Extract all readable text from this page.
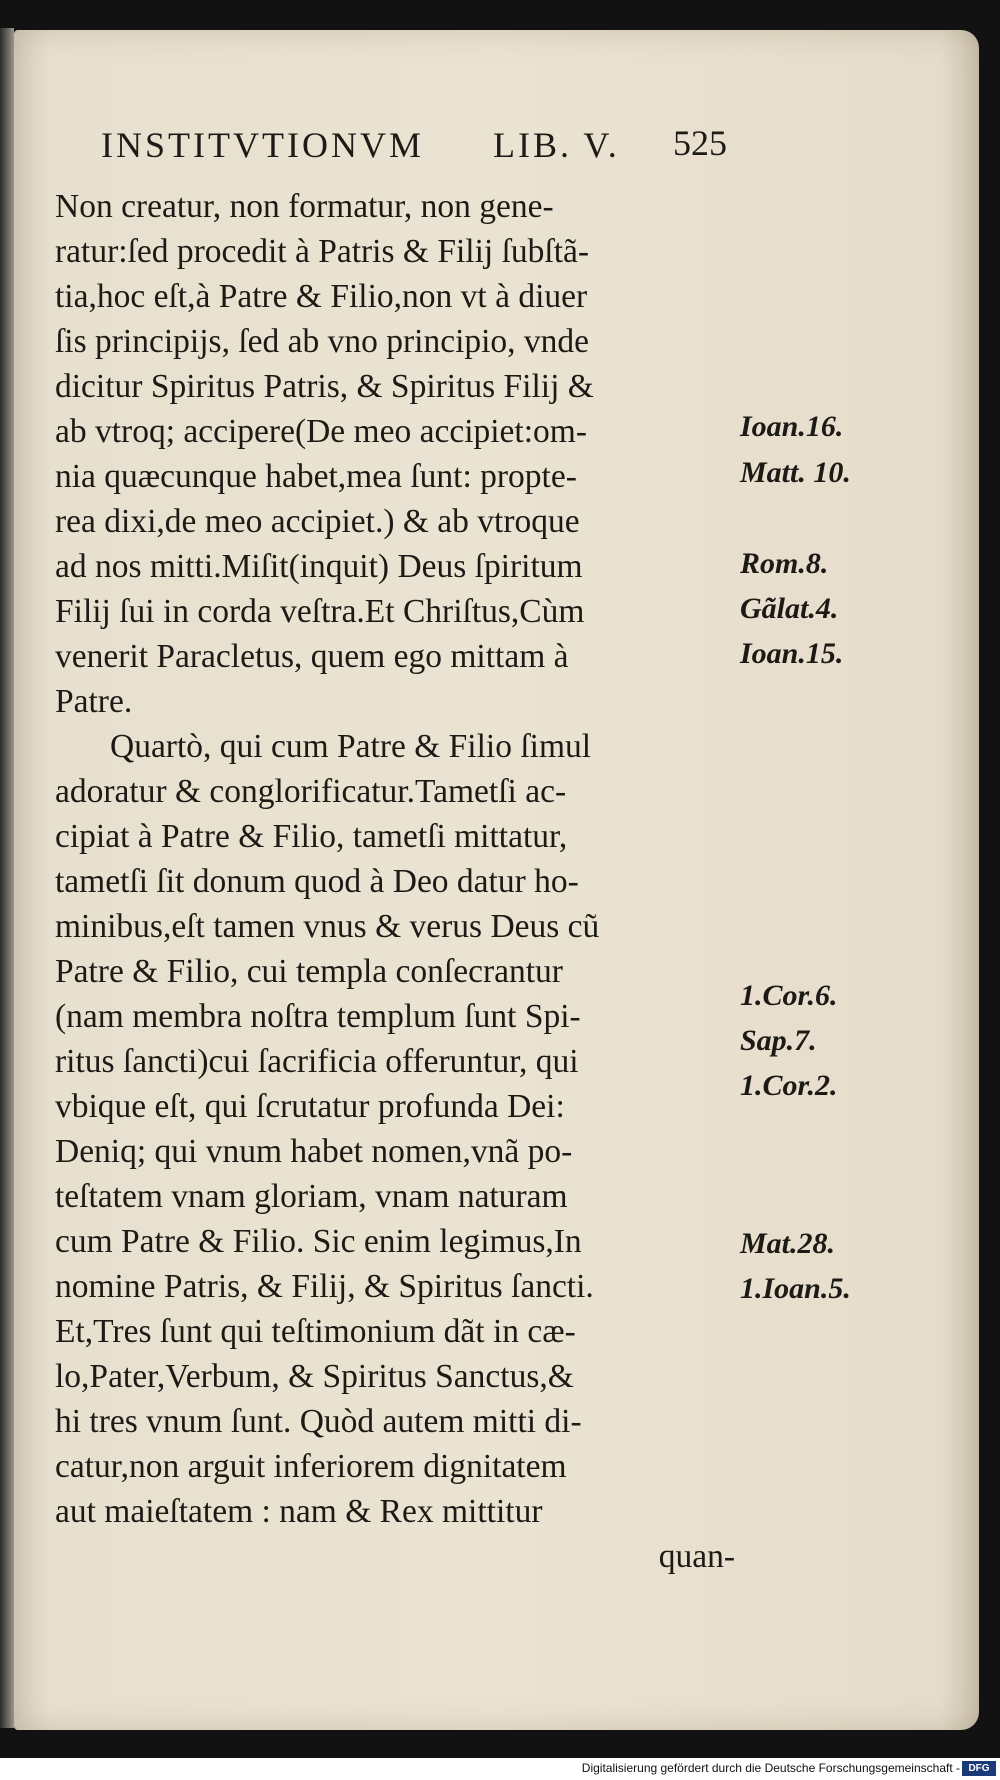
INSTITVTIONVM LIB. V. 525
Non creatur, non formatur, non gene-
ratur:ſed procedit à Patris & Filij ſubſtã-
tia,hoc eſt,à Patre & Filio,non vt à diuer
ſis principijs, ſed ab vno principio, vnde
dicitur Spiritus Patris, & Spiritus Filij &
ab vtroq; accipere(De meo accipiet:om-
nia quæcunque habet,mea ſunt: propte-
rea dixi,de meo accipiet.) & ab vtroque
ad nos mitti.Miſit(inquit) Deus ſpiritum
Filij ſui in corda veſtra.Et Chriſtus,Cùm
venerit Paracletus, quem ego mittam à
Patre.
Quartò, qui cum Patre & Filio ſimul
adoratur & conglorificatur.Tametſi ac-
cipiat à Patre & Filio, tametſi mittatur,
tametſi ſit donum quod à Deo datur ho-
minibus,eſt tamen vnus & verus Deus cũ
Patre & Filio, cui templa conſecrantur
(nam membra noſtra templum ſunt Spi-
ritus ſancti)cui ſacrificia offeruntur, qui
vbique eſt, qui ſcrutatur profunda Dei:
Deniq; qui vnum habet nomen,vnã po-
teſtatem vnam gloriam, vnam naturam
cum Patre & Filio. Sic enim legimus,In
nomine Patris, & Filij, & Spiritus ſancti.
Et,Tres ſunt qui teſtimonium dãt in cæ-
lo,Pater,Verbum, & Spiritus Sanctus,&
hi tres vnum ſunt. Quòd autem mitti di-
catur,non arguit inferiorem dignitatem
aut maieſtatem : nam & Rex mittitur
quan-
Ioan.16.
Matt. 10.
Rom.8.
Gãlat.4.
Ioan.15.
1.Cor.6.
Sap.7.
1.Cor.2.
Mat.28.
1.Ioan.5.
Digitalisierung gefördert durch die Deutsche Forschungsgemeinschaft - DFG
